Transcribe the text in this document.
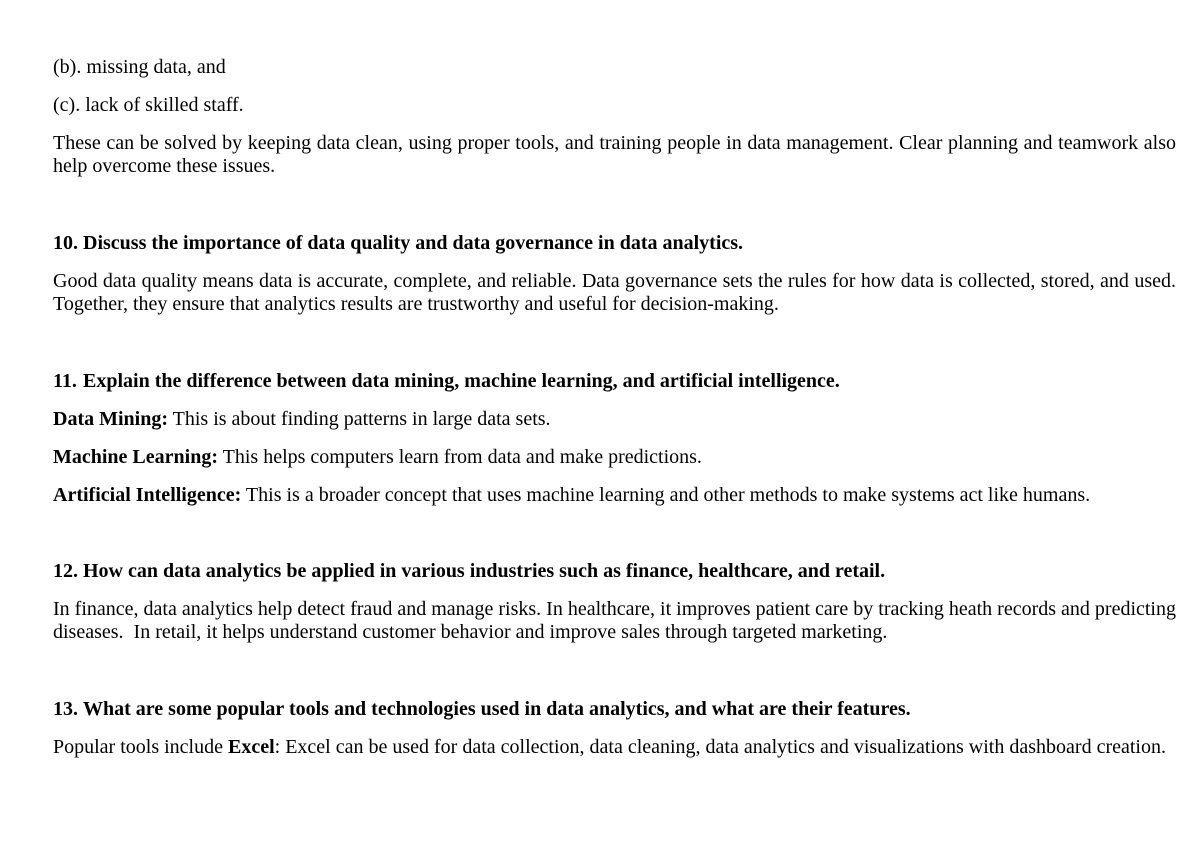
(b). missing data, and

(c). lack of skilled staff.

These can be solved by keeping data clean, using proper tools, and training people in data management. Clear planning and teamwork also help overcome these issues.

10. Discuss the importance of data quality and data governance in data analytics.

Good data quality means data is accurate, complete, and reliable. Data governance sets the rules for how data is collected, stored, and used. Together, they ensure that analytics results are trustworthy and useful for decision-making.

11. Explain the difference between data mining, machine learning, and artificial intelligence.

Data Mining: This is about finding patterns in large data sets.

Machine Learning: This helps computers learn from data and make predictions.

Artificial Intelligence: This is a broader concept that uses machine learning and other methods to make systems act like humans.

12. How can data analytics be applied in various industries such as finance, healthcare, and retail.

In finance, data analytics help detect fraud and manage risks. In healthcare, it improves patient care by tracking heath records and predicting diseases.  In retail, it helps understand customer behavior and improve sales through targeted marketing.

13. What are some popular tools and technologies used in data analytics, and what are their features.

Popular tools include Excel: Excel can be used for data collection, data cleaning, data analytics and visualizations with dashboard creation.
